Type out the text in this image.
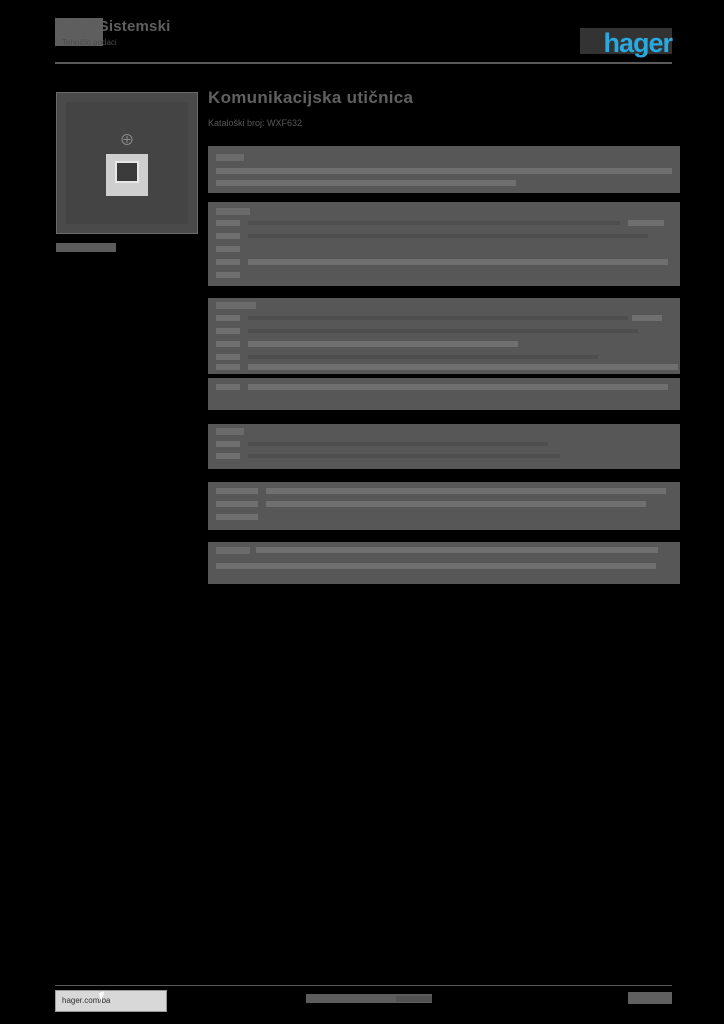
KNX Sistemski
Tehnički podaci	hager
Komunikacijska utičnica
Kataloški broj: WXF632
hager.com/ba
